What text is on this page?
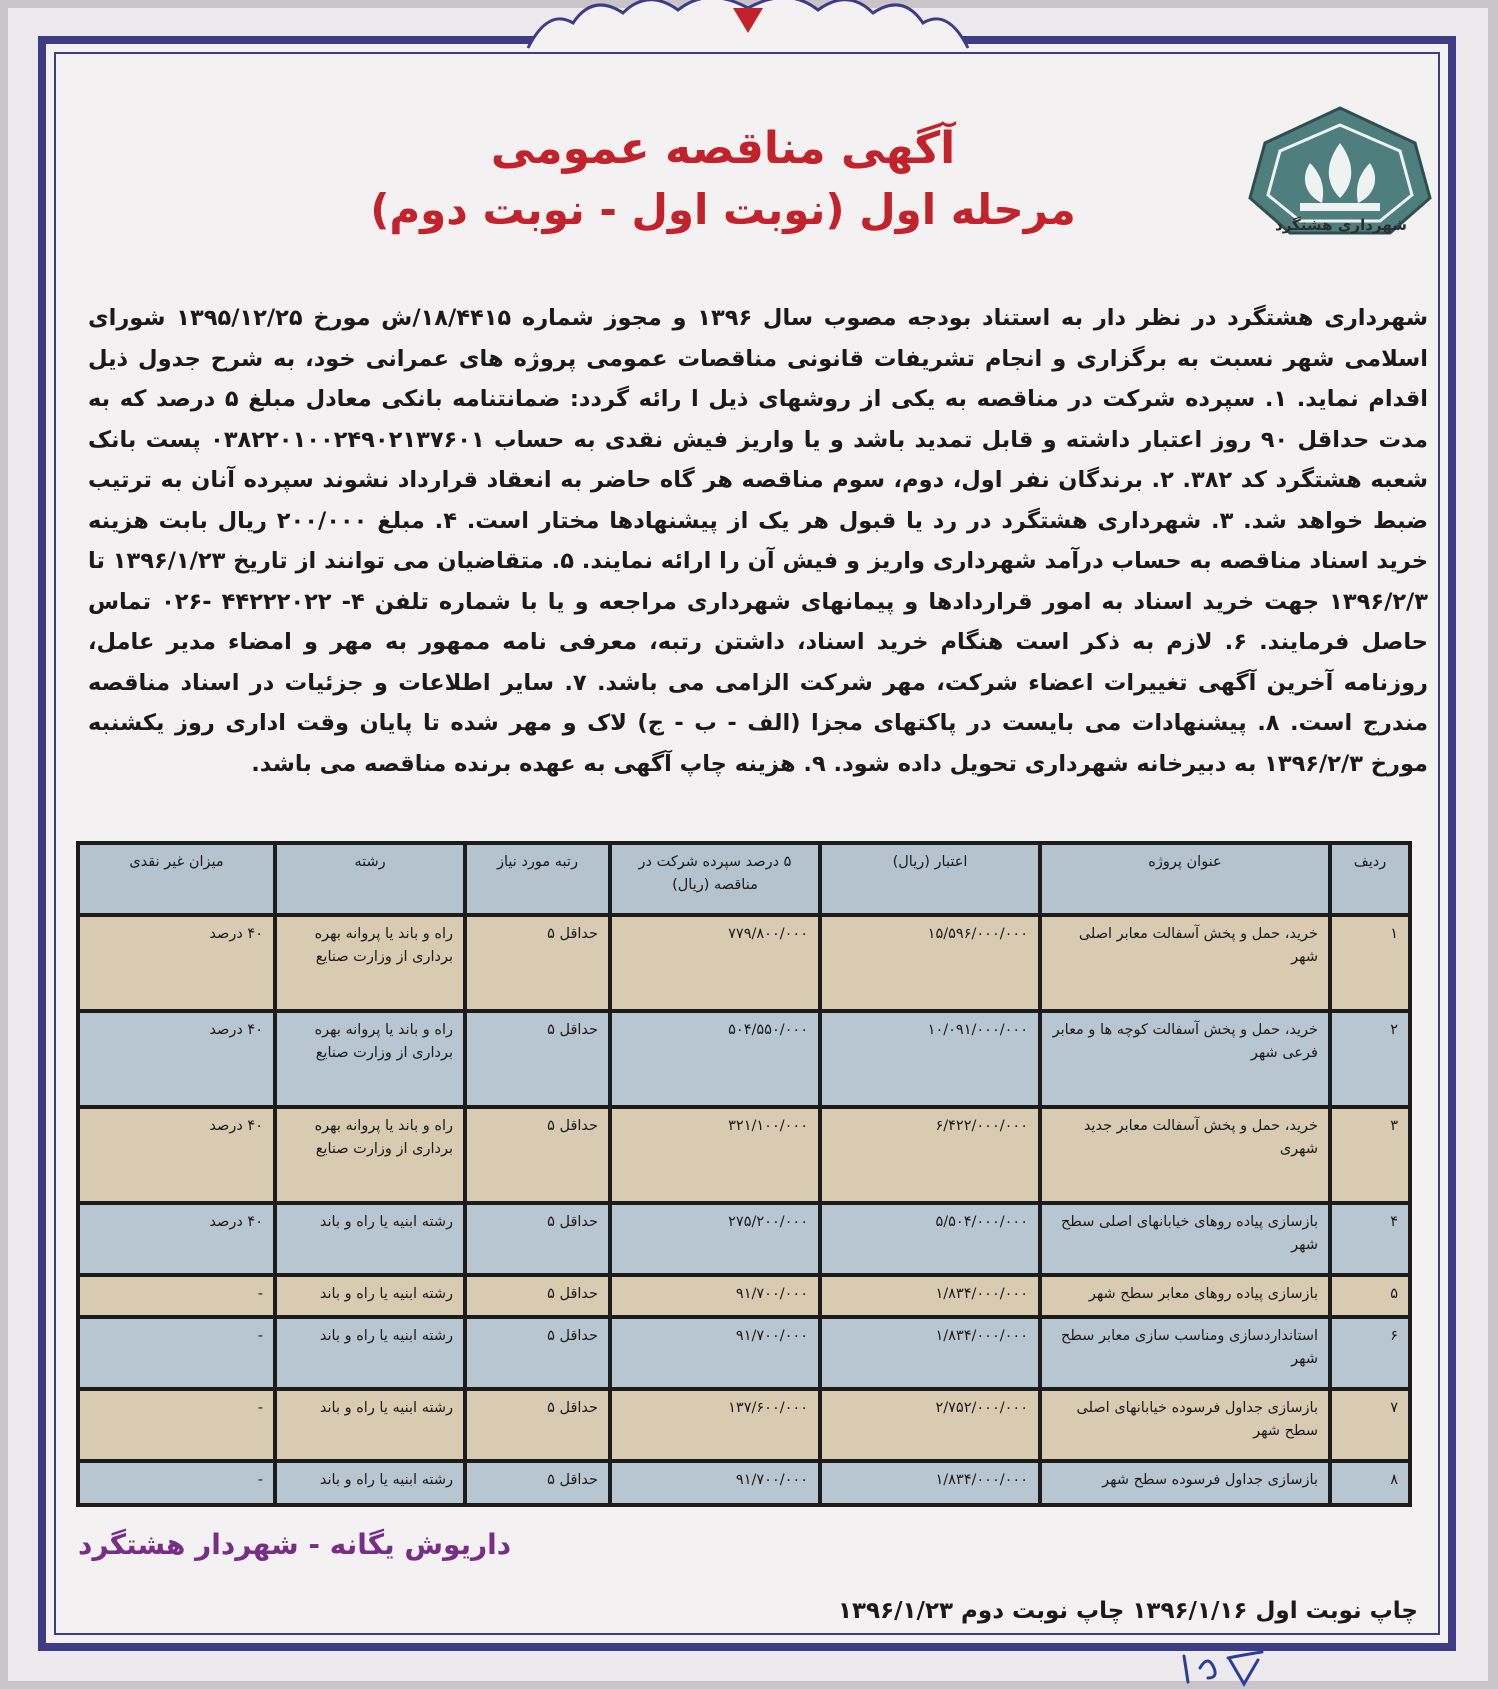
شهرداری هشتگرد
آگهی مناقصه عمومی
مرحله اول (نوبت اول - نوبت دوم)
شهرداری هشتگرد در نظر دار به استناد بودجه مصوب سال ۱۳۹۶ و مجوز شماره ۱۸/۴۴۱۵/ش مورخ ۱۳۹۵/۱۲/۲۵ شورای اسلامی شهر نسبت به برگزاری و انجام تشریفات قانونی مناقصات عمومی پروژه های عمرانی خود، به شرح جدول ذیل اقدام نماید. ۱. سپرده شرکت در مناقصه به یکی از روشهای ذیل ا رائه گردد: ضمانتنامه بانکی معادل مبلغ ۵ درصد که به مدت حداقل ۹۰ روز اعتبار داشته و قابل تمدید باشد و یا واریز فیش نقدی به حساب ۰۳۸۲۲۰۱۰۰۲۴۹۰۲۱۳۷۶۰۱ پست بانک شعبه هشتگرد کد ۳۸۲. ۲. برندگان نفر اول، دوم، سوم مناقصه هر گاه حاضر به انعقاد قرارداد نشوند سپرده آنان به ترتیب ضبط خواهد شد. ۳. شهرداری هشتگرد در رد یا قبول هر یک از پیشنهادها مختار است. ۴. مبلغ ۲۰۰/۰۰۰ ریال بابت هزینه خرید اسناد مناقصه به حساب درآمد شهرداری واریز و فیش آن را ارائه نمایند. ۵. متقاضیان می توانند از تاریخ ۱۳۹۶/۱/۲۳ تا ۱۳۹۶/۲/۳ جهت خرید اسناد به امور قراردادها و پیمانهای شهرداری مراجعه و یا با شماره تلفن ۴- ۴۴۲۲۲۰۲۲ -۰۲۶ تماس حاصل فرمایند. ۶. لازم به ذکر است هنگام خرید اسناد، داشتن رتبه، معرفی نامه ممهور به مهر و امضاء مدیر عامل، روزنامه آخرین آگهی تغییرات اعضاء شرکت، مهر شرکت الزامی می باشد. ۷. سایر اطلاعات و جزئیات در اسناد مناقصه مندرج است. ۸. پیشنهادات می بایست در پاکتهای مجزا (الف - ب - ج) لاک و مهر شده تا پایان وقت اداری روز یکشنبه مورخ ۱۳۹۶/۲/۳ به دبیرخانه شهرداری تحویل داده شود. ۹. هزینه چاپ آگهی به عهده برنده مناقصه می باشد.
ردیف	عنوان پروژه	اعتبار (ریال)	۵ درصد سپرده شرکت در مناقصه (ریال)	رتبه مورد نیاز	رشته	میزان غیر نقدی
۱	خرید، حمل و پخش آسفالت معابر اصلی شهر	۱۵/۵۹۶/۰۰۰/۰۰۰	۷۷۹/۸۰۰/۰۰۰	حداقل ۵	راه و باند یا پروانه بهره برداری از وزارت صنایع	۴۰ درصد
۲	خرید، حمل و پخش آسفالت کوچه ها و معابر فرعی شهر	۱۰/۰۹۱/۰۰۰/۰۰۰	۵۰۴/۵۵۰/۰۰۰	حداقل ۵	راه و باند یا پروانه بهره برداری از وزارت صنایع	۴۰ درصد
۳	خرید، حمل و پخش آسفالت معابر جدید شهری	۶/۴۲۲/۰۰۰/۰۰۰	۳۲۱/۱۰۰/۰۰۰	حداقل ۵	راه و باند یا پروانه بهره برداری از وزارت صنایع	۴۰ درصد
۴	بازسازی پیاده روهای خیابانهای اصلی سطح شهر	۵/۵۰۴/۰۰۰/۰۰۰	۲۷۵/۲۰۰/۰۰۰	حداقل ۵	رشته ابنیه یا راه و باند	۴۰ درصد
۵	بازسازی پیاده روهای معابر سطح شهر	۱/۸۳۴/۰۰۰/۰۰۰	۹۱/۷۰۰/۰۰۰	حداقل ۵	رشته ابنیه یا راه و باند	-
۶	استانداردسازی ومناسب سازی معابر سطح شهر	۱/۸۳۴/۰۰۰/۰۰۰	۹۱/۷۰۰/۰۰۰	حداقل ۵	رشته ابنیه یا راه و باند	-
۷	بازسازی جداول فرسوده خیابانهای اصلی سطح شهر	۲/۷۵۲/۰۰۰/۰۰۰	۱۳۷/۶۰۰/۰۰۰	حداقل ۵	رشته ابنیه یا راه و باند	-
۸	بازسازی جداول فرسوده سطح شهر	۱/۸۳۴/۰۰۰/۰۰۰	۹۱/۷۰۰/۰۰۰	حداقل ۵	رشته ابنیه یا راه و باند	-
داریوش یگانه - شهردار هشتگرد
چاپ نوبت اول ۱۳۹۶/۱/۱۶ چاپ نوبت دوم ۱۳۹۶/۱/۲۳
